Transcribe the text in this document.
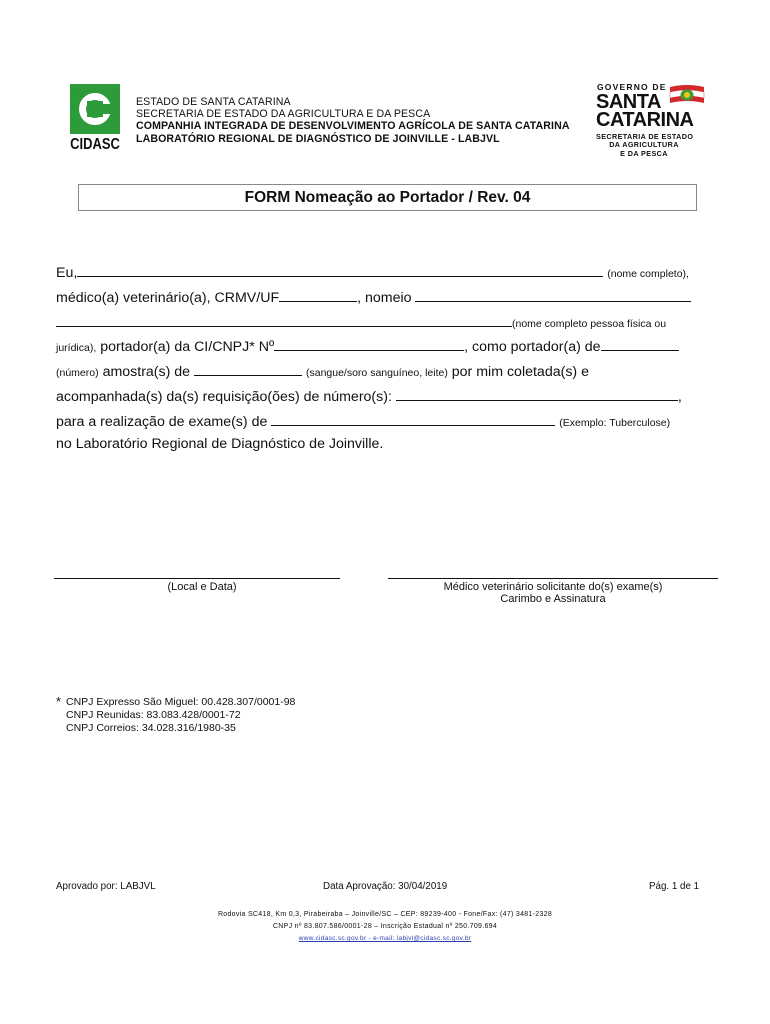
CIDASC
ESTADO DE SANTA CATARINA
SECRETARIA DE ESTADO DA AGRICULTURA E DA PESCA
COMPANHIA INTEGRADA DE DESENVOLVIMENTO AGRÍCOLA DE SANTA CATARINA
LABORATÓRIO REGIONAL DE DIAGNÓSTICO DE JOINVILLE - LABJVL
GOVERNO DE
SANTA
CATARINA
SECRETARIA DE ESTADO
DA AGRICULTURA
E DA PESCA
FORM Nomeação ao Portador / Rev. 04
Eu,	(nome completo),
médico(a) veterinário(a), CRMV/UF	, nomeio
(nome completo pessoa física ou
jurídica), portador(a) da CI/CNPJ* Nº	, como portador(a) de
(número) amostra(s) de	(sangue/soro sanguíneo, leite) por mim coletada(s) e
acompanhada(s) da(s) requisição(ões) de número(s):	,
para a realização de exame(s) de	(Exemplo: Tuberculose)
no Laboratório Regional de Diagnóstico de Joinville.
(Local e Data)	Médico veterinário solicitante do(s) exame(s)
Carimbo e Assinatura
* CNPJ Expresso São Miguel: 00.428.307/0001-98
CNPJ Reunidas: 83.083.428/0001-72
CNPJ Correios: 34.028.316/1980-35
Aprovado por: LABJVL	Data Aprovação: 30/04/2019	Pág. 1 de 1
Rodovia SC418, Km 0,3, Pirabeiraba – Joinville/SC – CEP: 89239-400 - Fone/Fax: (47) 3481-2328
CNPJ nº 83.807.586/0001-28 – Inscrição Estadual nº 250.709.694
www.cidasc.sc.gov.br - e-mail: labjvl@cidasc.sc.gov.br
